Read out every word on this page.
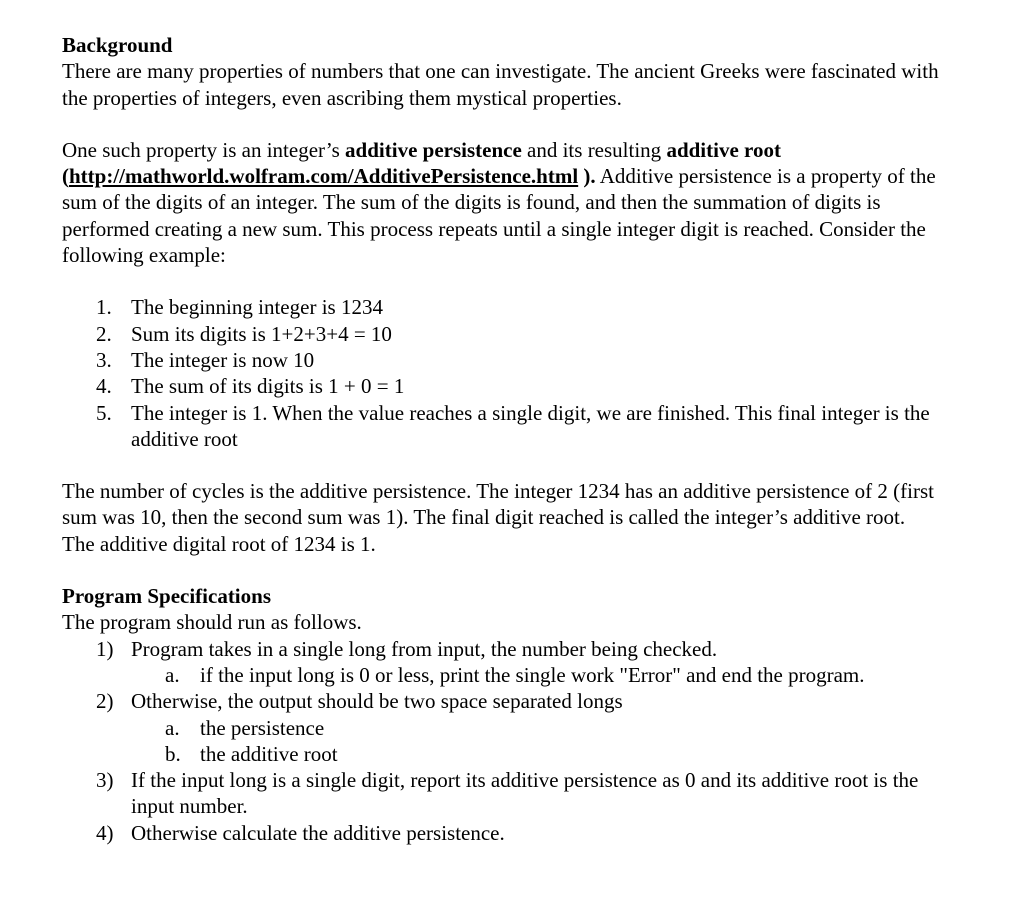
Background

There are many properties of numbers that one can investigate. The ancient Greeks were fascinated with the properties of integers, even ascribing them mystical properties.

One such property is an integer’s additive persistence and its resulting additive root
(http://mathworld.wolfram.com/AdditivePersistence.html ). Additive persistence is a property of the sum of the digits of an integer. The sum of the digits is found, and then the summation of digits is performed creating a new sum. This process repeats until a single integer digit is reached. Consider the following example:

1. The beginning integer is 1234
2. Sum its digits is 1+2+3+4 = 10
3. The integer is now 10
4. The sum of its digits is 1 + 0 = 1
5. The integer is 1. When the value reaches a single digit, we are finished. This final integer is the additive root

The number of cycles is the additive persistence. The integer 1234 has an additive persistence of 2 (first sum was 10, then the second sum was 1). The final digit reached is called the integer’s additive root. The additive digital root of 1234 is 1.

Program Specifications

The program should run as follows.

1) Program takes in a single long from input, the number being checked.
a. if the input long is 0 or less, print the single work "Error" and end the program.
2) Otherwise, the output should be two space separated longs
a. the persistence
b. the additive root
3) If the input long is a single digit, report its additive persistence as 0 and its additive root is the input number.
4) Otherwise calculate the additive persistence.
